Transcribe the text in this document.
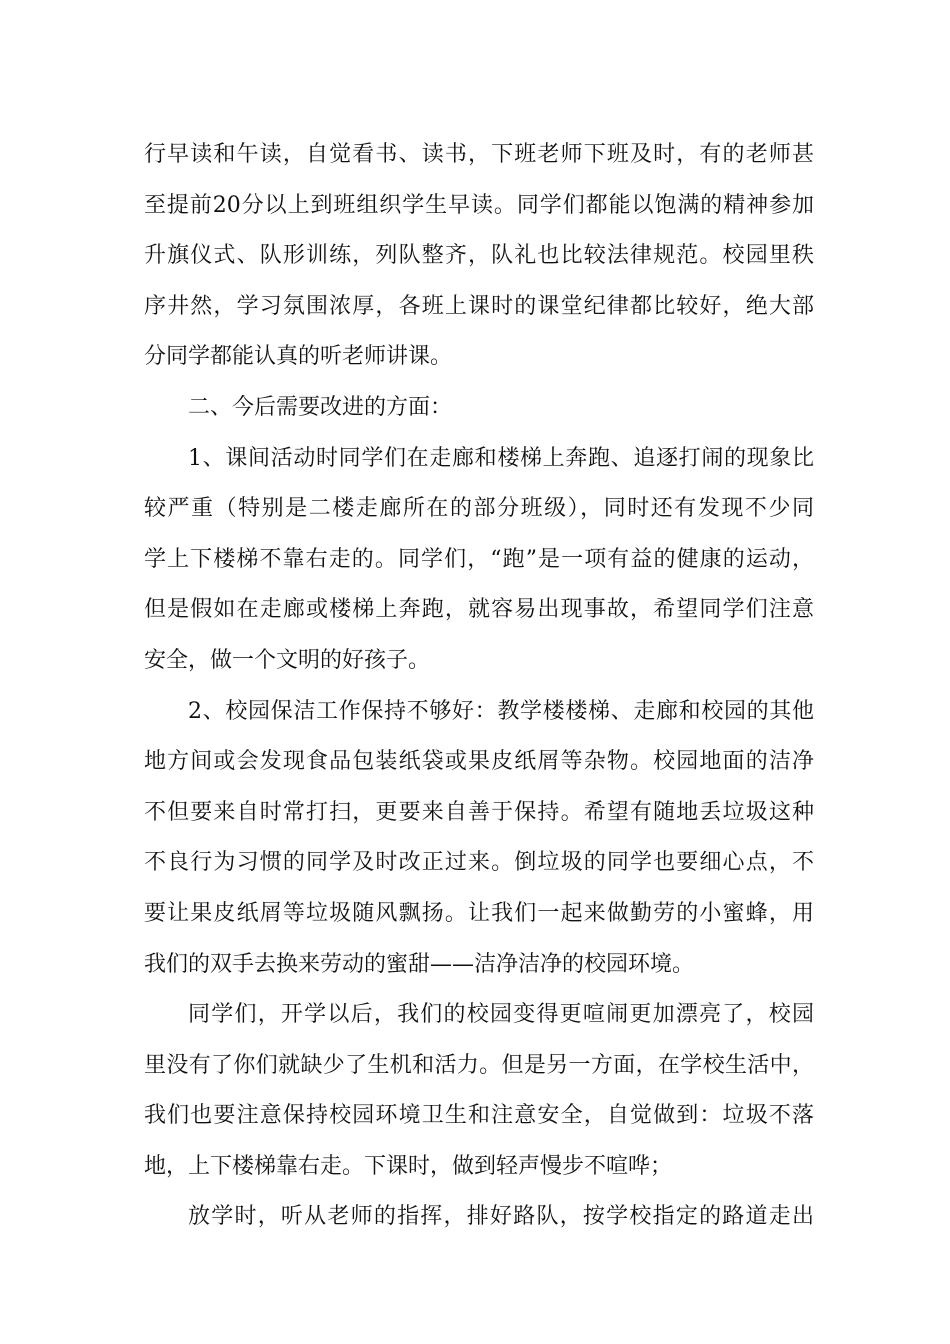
行早读和午读，自觉看书、读书，下班老师下班及时，有的老师甚
至提前20分以上到班组织学生早读。同学们都能以饱满的精神参加
升旗仪式、队形训练，列队整齐，队礼也比较法律规范。校园里秩
序井然，学习氛围浓厚，各班上课时的课堂纪律都比较好，绝大部
分同学都能认真的听老师讲课。
二、今后需要改进的方面：
1、课间活动时同学们在走廊和楼梯上奔跑、追逐打闹的现象比
较严重（特别是二楼走廊所在的部分班级），同时还有发现不少同
学上下楼梯不靠右走的。同学们，“跑”是一项有益的健康的运动，
但是假如在走廊或楼梯上奔跑，就容易出现事故，希望同学们注意
安全，做一个文明的好孩子。
2、校园保洁工作保持不够好：教学楼楼梯、走廊和校园的其他
地方间或会发现食品包装纸袋或果皮纸屑等杂物。校园地面的洁净
不但要来自时常打扫，更要来自善于保持。希望有随地丢垃圾这种
不良行为习惯的同学及时改正过来。倒垃圾的同学也要细心点，不
要让果皮纸屑等垃圾随风飘扬。让我们一起来做勤劳的小蜜蜂，用
我们的双手去换来劳动的蜜甜——洁净洁净的校园环境。
同学们，开学以后，我们的校园变得更喧闹更加漂亮了，校园
里没有了你们就缺少了生机和活力。但是另一方面，在学校生活中，
我们也要注意保持校园环境卫生和注意安全，自觉做到：垃圾不落
地，上下楼梯靠右走。下课时，做到轻声慢步不喧哗；
放学时，听从老师的指挥，排好路队，按学校指定的路道走出
